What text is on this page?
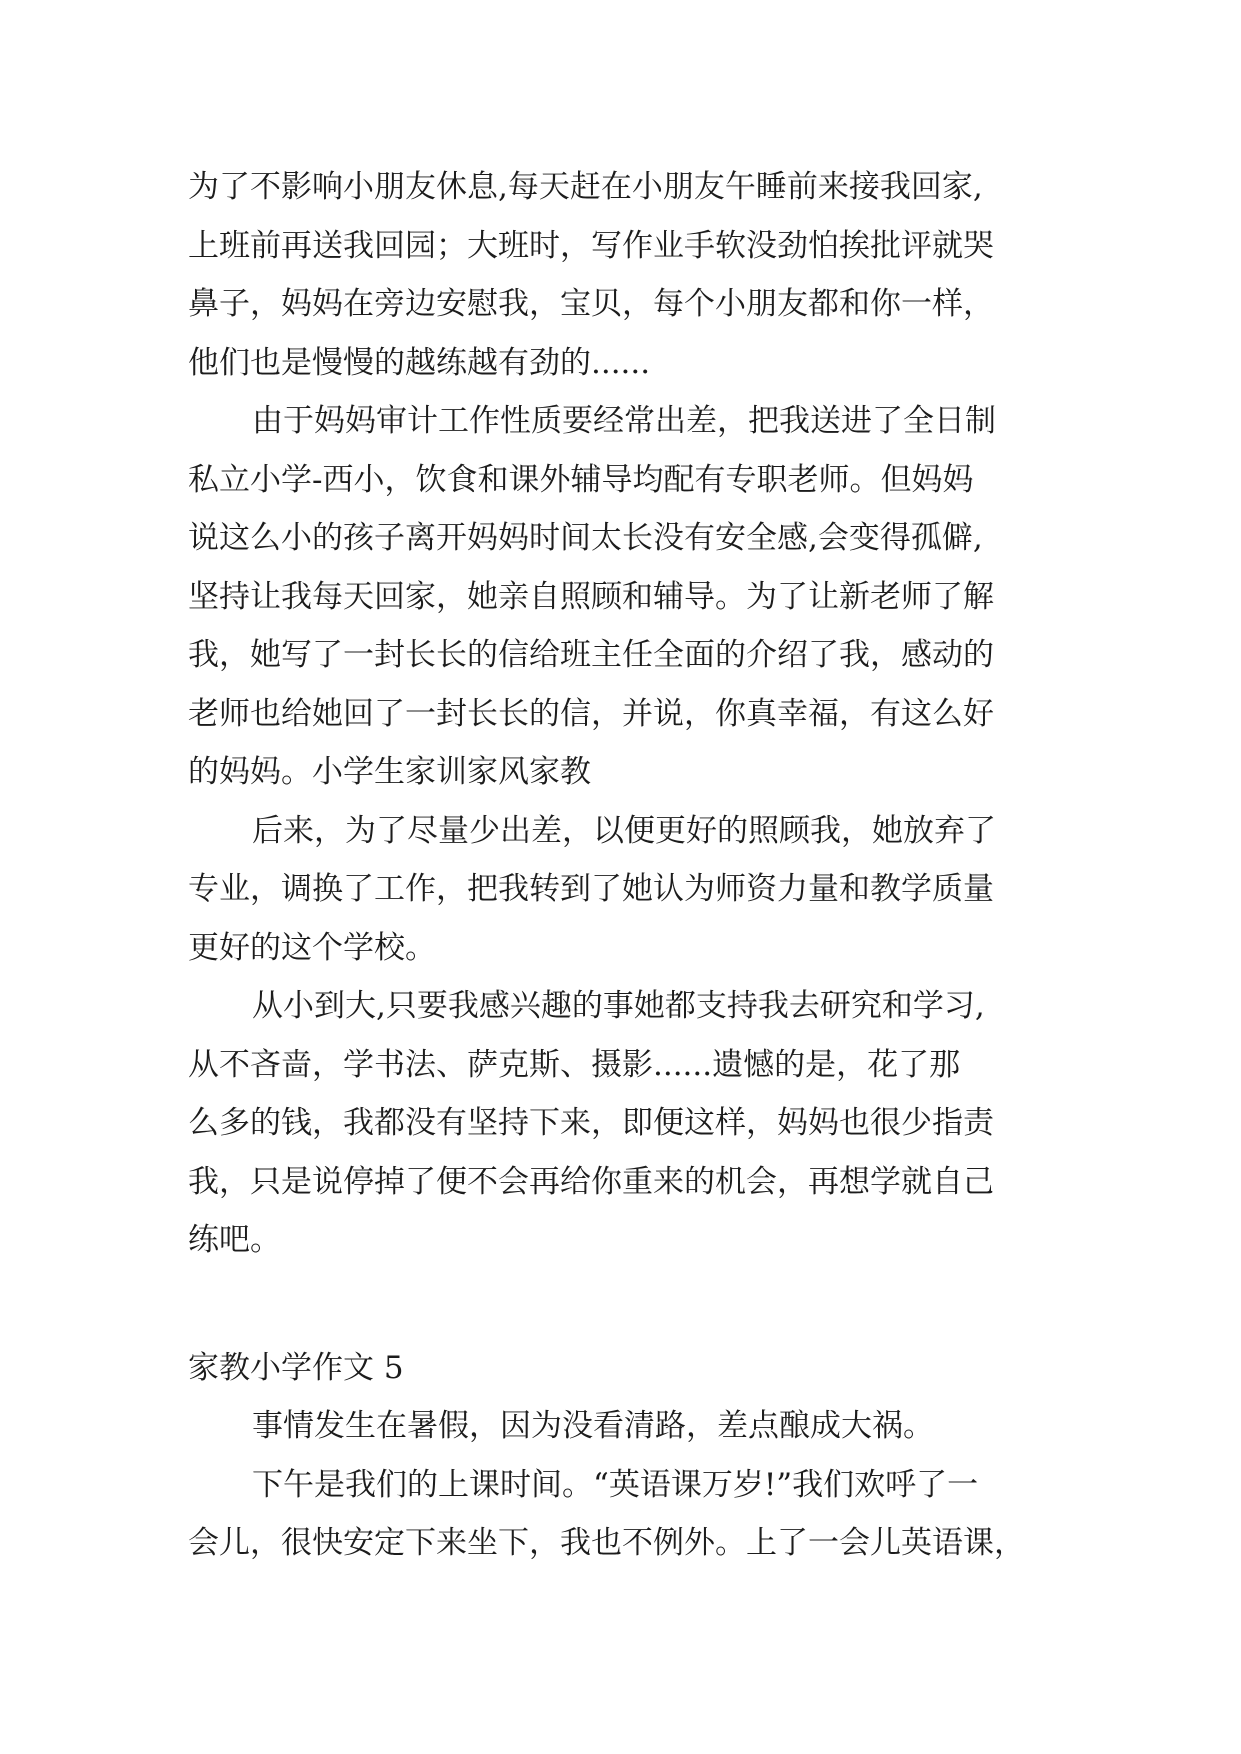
为了不影响小朋友休息,每天赶在小朋友午睡前来接我回家,
上班前再送我回园；大班时，写作业手软没劲怕挨批评就哭
鼻子，妈妈在旁边安慰我，宝贝，每个小朋友都和你一样，
他们也是慢慢的越练越有劲的......
由于妈妈审计工作性质要经常出差，把我送进了全日制
私立小学-西小，饮食和课外辅导均配有专职老师。但妈妈
说这么小的孩子离开妈妈时间太长没有安全感,会变得孤僻,
坚持让我每天回家，她亲自照顾和辅导。为了让新老师了解
我，她写了一封长长的信给班主任全面的介绍了我，感动的
老师也给她回了一封长长的信，并说，你真幸福，有这么好
的妈妈。小学生家训家风家教
后来，为了尽量少出差，以便更好的照顾我，她放弃了
专业，调换了工作，把我转到了她认为师资力量和教学质量
更好的这个学校。
从小到大,只要我感兴趣的事她都支持我去研究和学习,
从不吝啬，学书法、萨克斯、摄影......遗憾的是，花了那
么多的钱，我都没有坚持下来，即便这样，妈妈也很少指责
我，只是说停掉了便不会再给你重来的机会，再想学就自己
练吧。
家教小学作文 5
事情发生在暑假，因为没看清路，差点酿成大祸。
下午是我们的上课时间。“英语课万岁!”我们欢呼了一
会儿，很快安定下来坐下，我也不例外。上了一会儿英语课，
